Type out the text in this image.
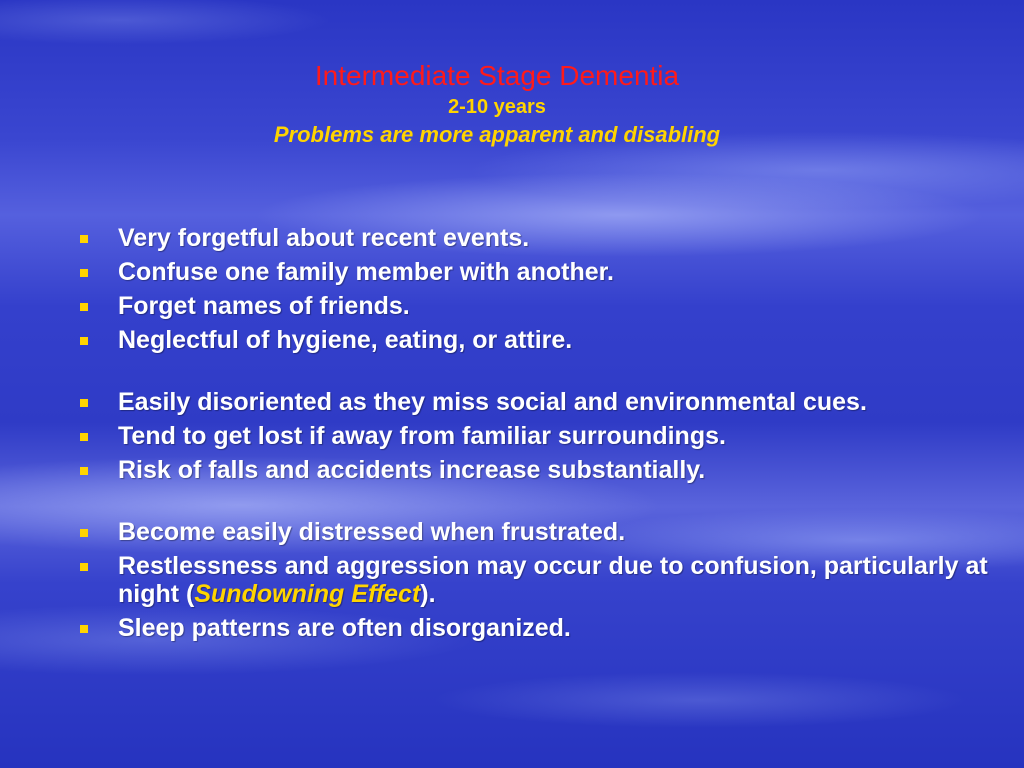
Intermediate Stage Dementia
2-10 years
Problems are more apparent and disabling
Very forgetful about recent events.
Confuse one family member with another.
Forget names of friends.
Neglectful of hygiene, eating, or attire.
Easily disoriented as they miss social and environmental cues.
Tend to get lost if away from familiar surroundings.
Risk of falls and accidents increase substantially.
Become easily distressed when frustrated.
Restlessness and aggression may occur due to confusion, particularly at night (Sundowning Effect).
Sleep patterns are often disorganized.
